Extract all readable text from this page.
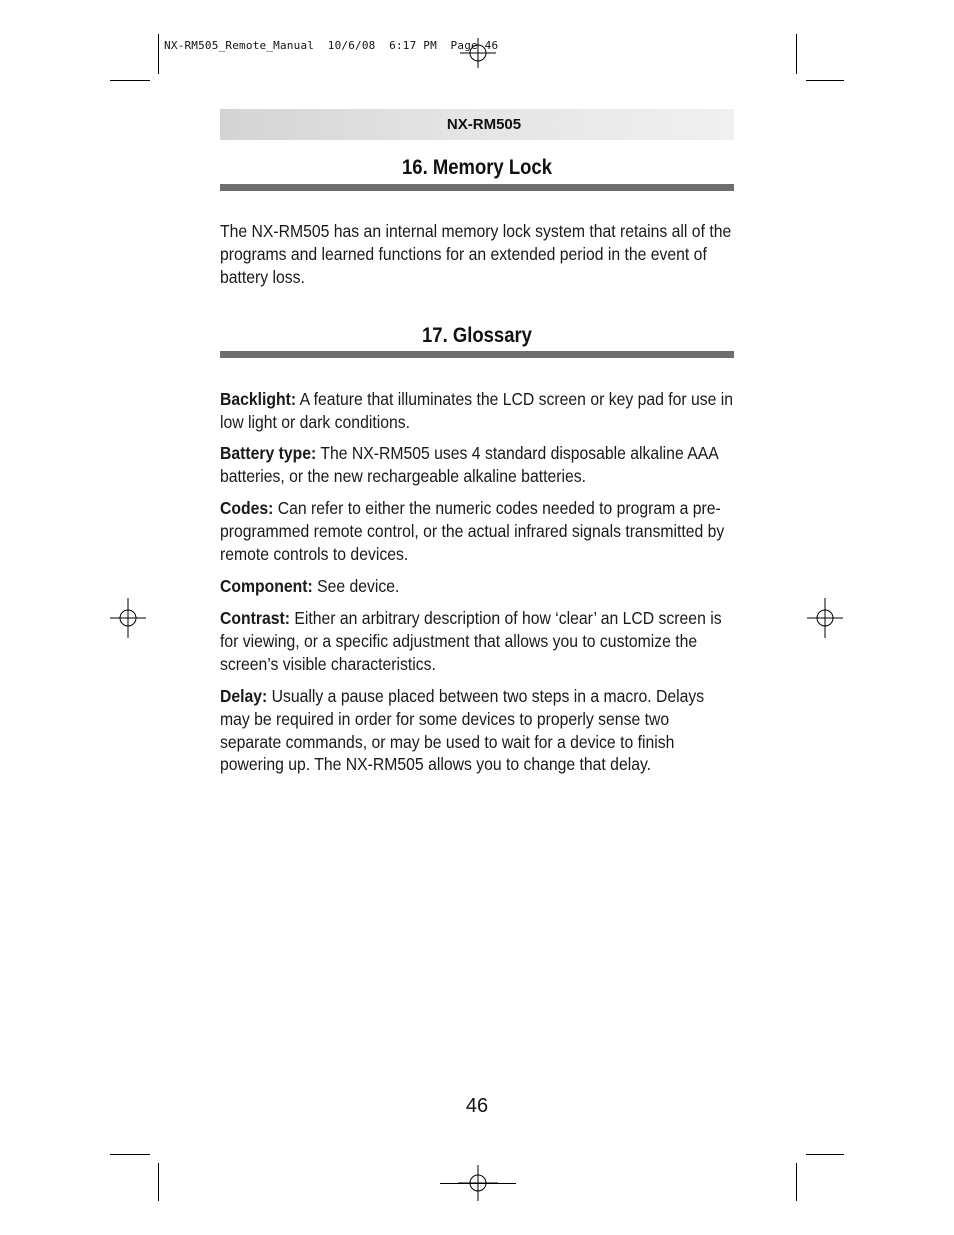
NX-RM505_Remote_Manual  10/6/08  6:17 PM  Page 46
NX-RM505
16. Memory Lock
The NX-RM505 has an internal memory lock system that retains all of the programs and learned functions for an extended period in the event of battery loss.
17. Glossary
Backlight: A feature that illuminates the LCD screen or key pad for use in low light or dark conditions.
Battery type: The NX-RM505 uses 4 standard disposable alkaline AAA batteries, or the new rechargeable alkaline batteries.
Codes: Can refer to either the numeric codes needed to program a pre-programmed remote control, or the actual infrared signals transmitted by remote controls to devices.
Component: See device.
Contrast: Either an arbitrary description of how ‘clear’ an LCD screen is for viewing, or a specific adjustment that allows you to customize the screen’s visible characteristics.
Delay: Usually a pause placed between two steps in a macro. Delays may be required in order for some devices to properly sense two separate commands, or may be used to wait for a device to finish powering up. The NX-RM505 allows you to change that delay.
46
